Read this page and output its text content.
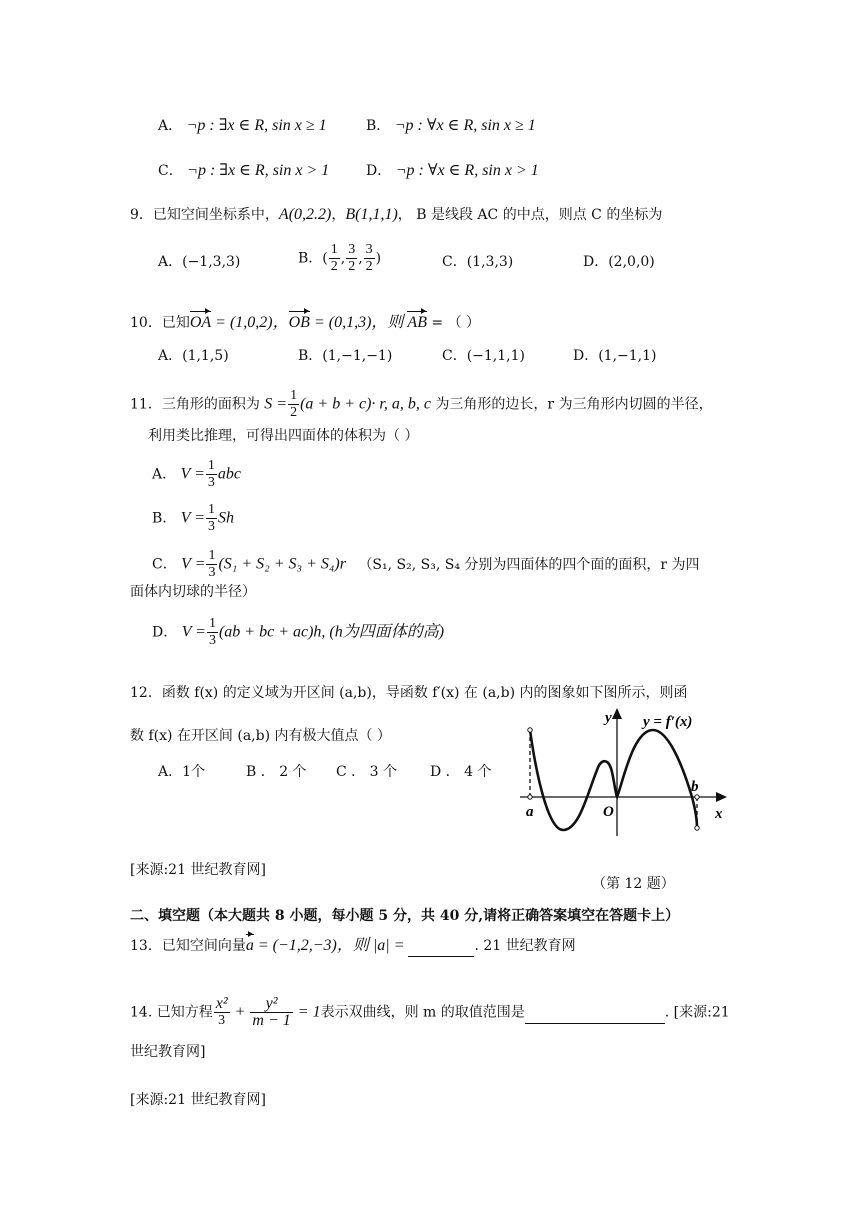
A． ¬p : ∃x ∈ R, sin x ≥ 1	B． ¬p : ∀x ∈ R, sin x ≥ 1
C． ¬p : ∃x ∈ R, sin x > 1	D． ¬p : ∀x ∈ R, sin x > 1
9．已知空间坐标系中，A(0,2.2)，B(1,1,1)， B 是线段 AC 的中点，则点 C 的坐标为
A．(−1,3,3)	B．( $\frac{1}{2}$ , $\frac{3}{2}$ , $\frac{3}{2}$ )	C．(1,3,3)	D．(2,0,0)
10．已知OA = (1,0,2)，OB = (0,1,3)，则 AB = （ ）
A．(1,1,5)	B．(1,−1,−1)	C．(−1,1,1)	D．(1,−1,1)
11．三角形的面积为 $S = \frac{1}{2} (a + b + c)\cdot r$, a, b, c 为三角形的边长，r 为三角形内切圆的半径，
利用类比推理，可得出四面体的体积为（ ）
A． $V = \frac{1}{3}$ abc
B． $V = \frac{1}{3}$ Sh
C． $V = \frac{1}{3} (S_1 + S_2 + S_3 + S_4)r$ （S₁, S₂, S₃, S₄ 分别为四面体的四个面的面积，r 为四
面体内切球的半径）
D． $V = \frac{1}{3} (ab$ + bc + ac)h, (h为四面体的高)
12．函数 f(x) 的定义域为开区间 (a,b)，导函数 f′(x) 在 (a,b) 内的图象如下图所示，则函
数 f(x) 在开区间 (a,b) 内有极大值点（ ）
A．1个	B ． 2 个 C ． 3 个 D ． 4 个
y y = f′(x)
x
O
a
b
[来源:21 世纪教育网]
（第 12 题）
二、填空题（本大题共 8 小题，每小题 5 分，共 40 分,请将正确答案填空在答题卡上）
13．已知空间向量a = (−1,2,−3)，则 |a| =	. 21 世纪教育网
14. 已知方程 $\frac{\text{x²}}{3} + \frac{\text{y²}}{m - 1} = 1$表示双曲线，则 m 的取值范围是	. [来源:21
世纪教育网]
[来源:21 世纪教育网]
